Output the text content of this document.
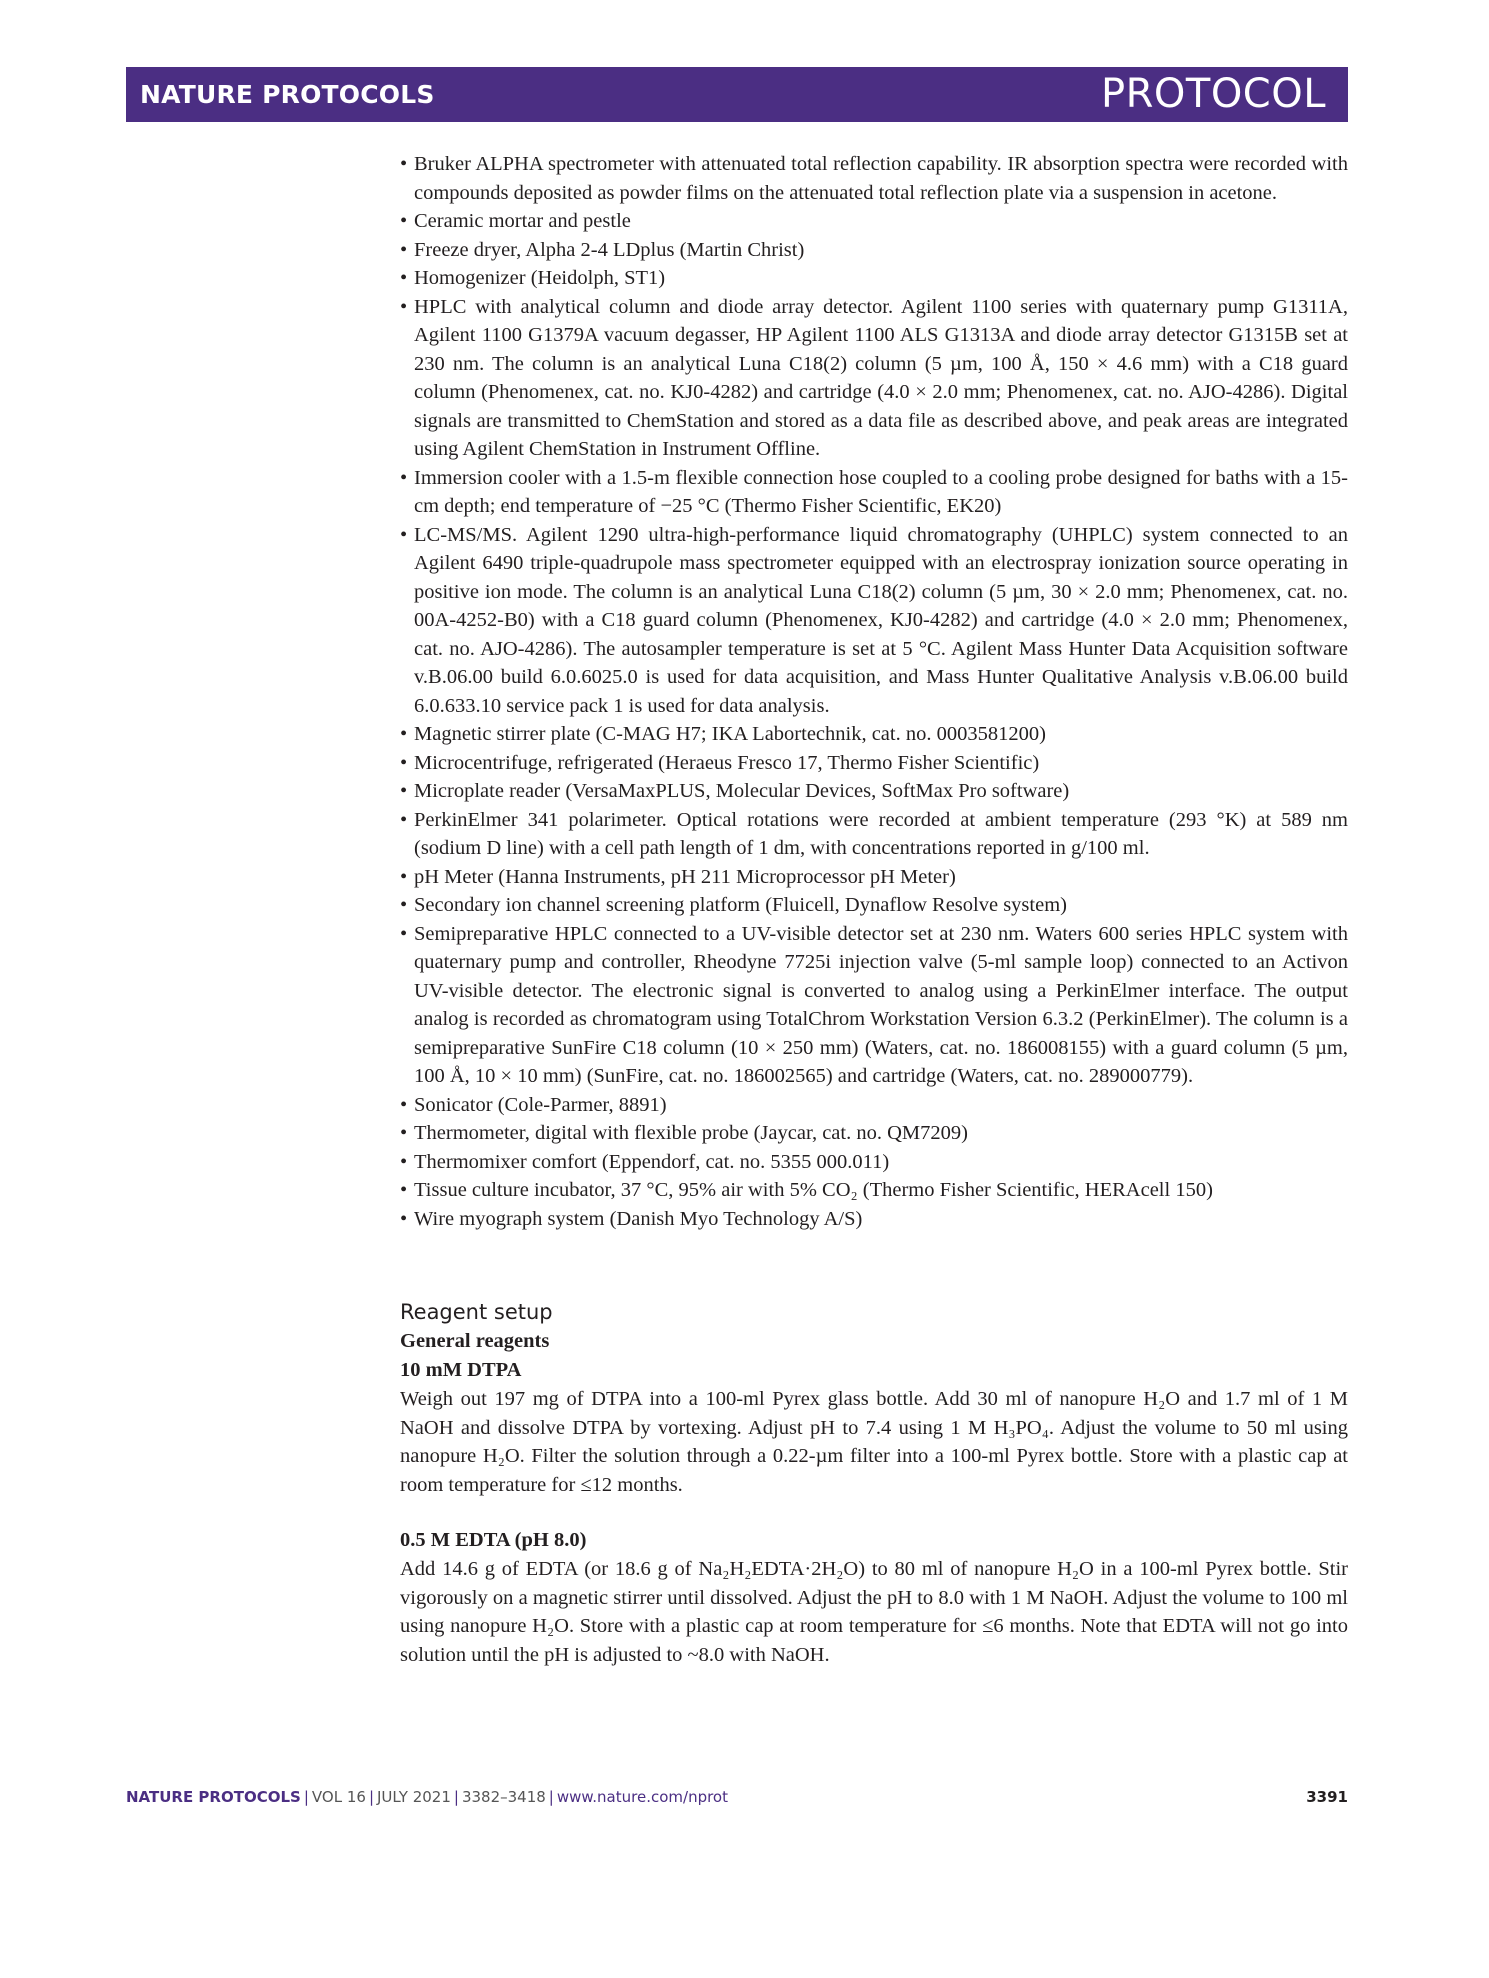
NATURE PROTOCOLS	PROTOCOL
• Bruker ALPHA spectrometer with attenuated total reflection capability. IR absorption spectra were recorded with compounds deposited as powder films on the attenuated total reflection plate via a suspension in acetone.
• Ceramic mortar and pestle
• Freeze dryer, Alpha 2-4 LDplus (Martin Christ)
• Homogenizer (Heidolph, ST1)
• HPLC with analytical column and diode array detector. Agilent 1100 series with quaternary pump G1311A, Agilent 1100 G1379A vacuum degasser, HP Agilent 1100 ALS G1313A and diode array detector G1315B set at 230 nm. The column is an analytical Luna C18(2) column (5 µm, 100 Å, 150 × 4.6 mm) with a C18 guard column (Phenomenex, cat. no. KJ0-4282) and cartridge (4.0 × 2.0 mm; Phenomenex, cat. no. AJO-4286). Digital signals are transmitted to ChemStation and stored as a data file as described above, and peak areas are integrated using Agilent ChemStation in Instrument Offline.
• Immersion cooler with a 1.5-m flexible connection hose coupled to a cooling probe designed for baths with a 15-cm depth; end temperature of −25 °C (Thermo Fisher Scientific, EK20)
• LC-MS/MS. Agilent 1290 ultra-high-performance liquid chromatography (UHPLC) system connected to an Agilent 6490 triple-quadrupole mass spectrometer equipped with an electrospray ionization source operating in positive ion mode. The column is an analytical Luna C18(2) column (5 µm, 30 × 2.0 mm; Phenomenex, cat. no. 00A-4252-B0) with a C18 guard column (Phenomenex, KJ0-4282) and cartridge (4.0 × 2.0 mm; Phenomenex, cat. no. AJO-4286). The autosampler temperature is set at 5 °C. Agilent Mass Hunter Data Acquisition software v.B.06.00 build 6.0.6025.0 is used for data acquisition, and Mass Hunter Qualitative Analysis v.B.06.00 build 6.0.633.10 service pack 1 is used for data analysis.
• Magnetic stirrer plate (C-MAG H7; IKA Labortechnik, cat. no. 0003581200)
• Microcentrifuge, refrigerated (Heraeus Fresco 17, Thermo Fisher Scientific)
• Microplate reader (VersaMaxPLUS, Molecular Devices, SoftMax Pro software)
• PerkinElmer 341 polarimeter. Optical rotations were recorded at ambient temperature (293 °K) at 589 nm (sodium D line) with a cell path length of 1 dm, with concentrations reported in g/100 ml.
• pH Meter (Hanna Instruments, pH 211 Microprocessor pH Meter)
• Secondary ion channel screening platform (Fluicell, Dynaflow Resolve system)
• Semipreparative HPLC connected to a UV-visible detector set at 230 nm. Waters 600 series HPLC system with quaternary pump and controller, Rheodyne 7725i injection valve (5-ml sample loop) connected to an Activon UV-visible detector. The electronic signal is converted to analog using a PerkinElmer interface. The output analog is recorded as chromatogram using TotalChrom Workstation Version 6.3.2 (PerkinElmer). The column is a semipreparative SunFire C18 column (10 × 250 mm) (Waters, cat. no. 186008155) with a guard column (5 µm, 100 Å, 10 × 10 mm) (SunFire, cat. no. 186002565) and cartridge (Waters, cat. no. 289000779).
• Sonicator (Cole-Parmer, 8891)
• Thermometer, digital with flexible probe (Jaycar, cat. no. QM7209)
• Thermomixer comfort (Eppendorf, cat. no. 5355 000.011)
• Tissue culture incubator, 37 °C, 95% air with 5% CO₂ (Thermo Fisher Scientific, HERAcell 150)
• Wire myograph system (Danish Myo Technology A/S)
Reagent setup
General reagents
10 mM DTPA

Weigh out 197 mg of DTPA into a 100-ml Pyrex glass bottle. Add 30 ml of nanopure H₂O and 1.7 ml of 1 M NaOH and dissolve DTPA by vortexing. Adjust pH to 7.4 using 1 M H₃PO₄. Adjust the volume to 50 ml using nanopure H₂O. Filter the solution through a 0.22-µm filter into a 100-ml Pyrex bottle. Store with a plastic cap at room temperature for ≤12 months.

0.5 M EDTA (pH 8.0)

Add 14.6 g of EDTA (or 18.6 g of Na₂H₂EDTA·2H₂O) to 80 ml of nanopure H₂O in a 100-ml Pyrex bottle. Stir vigorously on a magnetic stirrer until dissolved. Adjust the pH to 8.0 with 1 M NaOH. Adjust the volume to 100 ml using nanopure H₂O. Store with a plastic cap at room temperature for ≤6 months. Note that EDTA will not go into solution until the pH is adjusted to ~8.0 with NaOH.

NATURE PROTOCOLS | VOL 16 | JULY 2021 | 3382–3418 | www.nature.com/nprot	3391
